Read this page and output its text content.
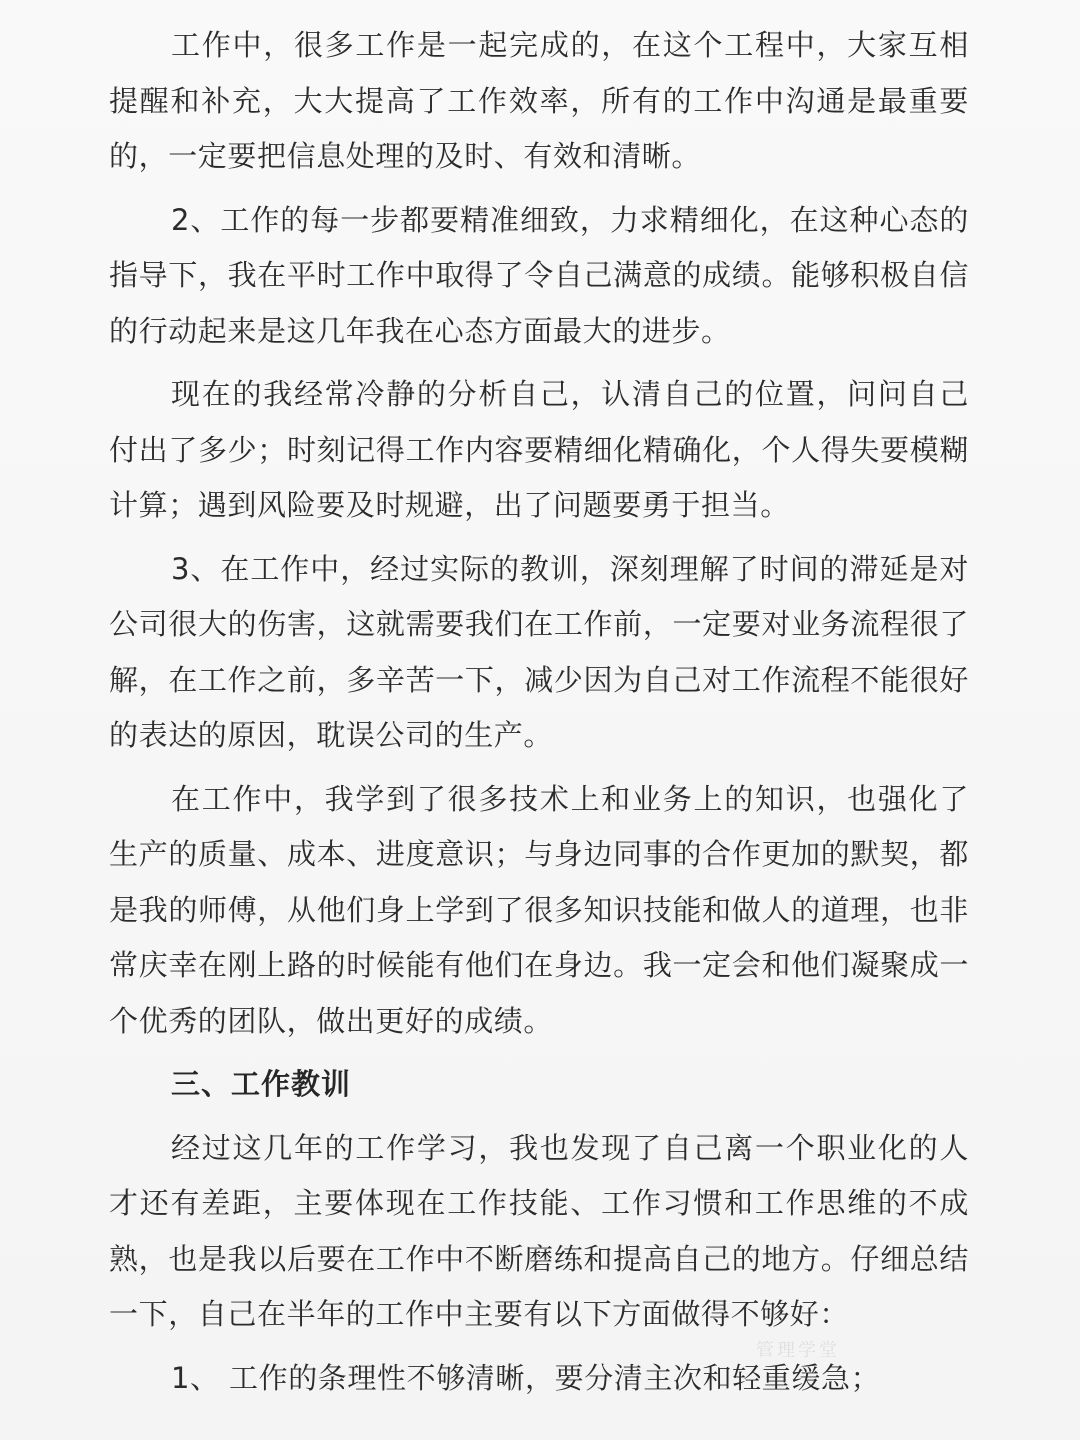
工作中，很多工作是一起完成的，在这个工程中，大家互相提醒和补充，大大提高了工作效率，所有的工作中沟通是最重要的，一定要把信息处理的及时、有效和清晰。

2、工作的每一步都要精准细致，力求精细化，在这种心态的指导下，我在平时工作中取得了令自己满意的成绩。能够积极自信的行动起来是这几年我在心态方面最大的进步。

现在的我经常冷静的分析自己，认清自己的位置，问问自己付出了多少；时刻记得工作内容要精细化精确化，个人得失要模糊计算；遇到风险要及时规避，出了问题要勇于担当。

3、在工作中，经过实际的教训，深刻理解了时间的滞延是对公司很大的伤害，这就需要我们在工作前，一定要对业务流程很了解，在工作之前，多辛苦一下，减少因为自己对工作流程不能很好的表达的原因，耽误公司的生产。

在工作中，我学到了很多技术上和业务上的知识，也强化了生产的质量、成本、进度意识；与身边同事的合作更加的默契，都是我的师傅，从他们身上学到了很多知识技能和做人的道理，也非常庆幸在刚上路的时候能有他们在身边。我一定会和他们凝聚成一个优秀的团队，做出更好的成绩。

三、工作教训

经过这几年的工作学习，我也发现了自己离一个职业化的人才还有差距，主要体现在工作技能、工作习惯和工作思维的不成熟，也是我以后要在工作中不断磨练和提高自己的地方。仔细总结一下，自己在半年的工作中主要有以下方面做得不够好：

1、 工作的条理性不够清晰，要分清主次和轻重缓急；

管理学堂
